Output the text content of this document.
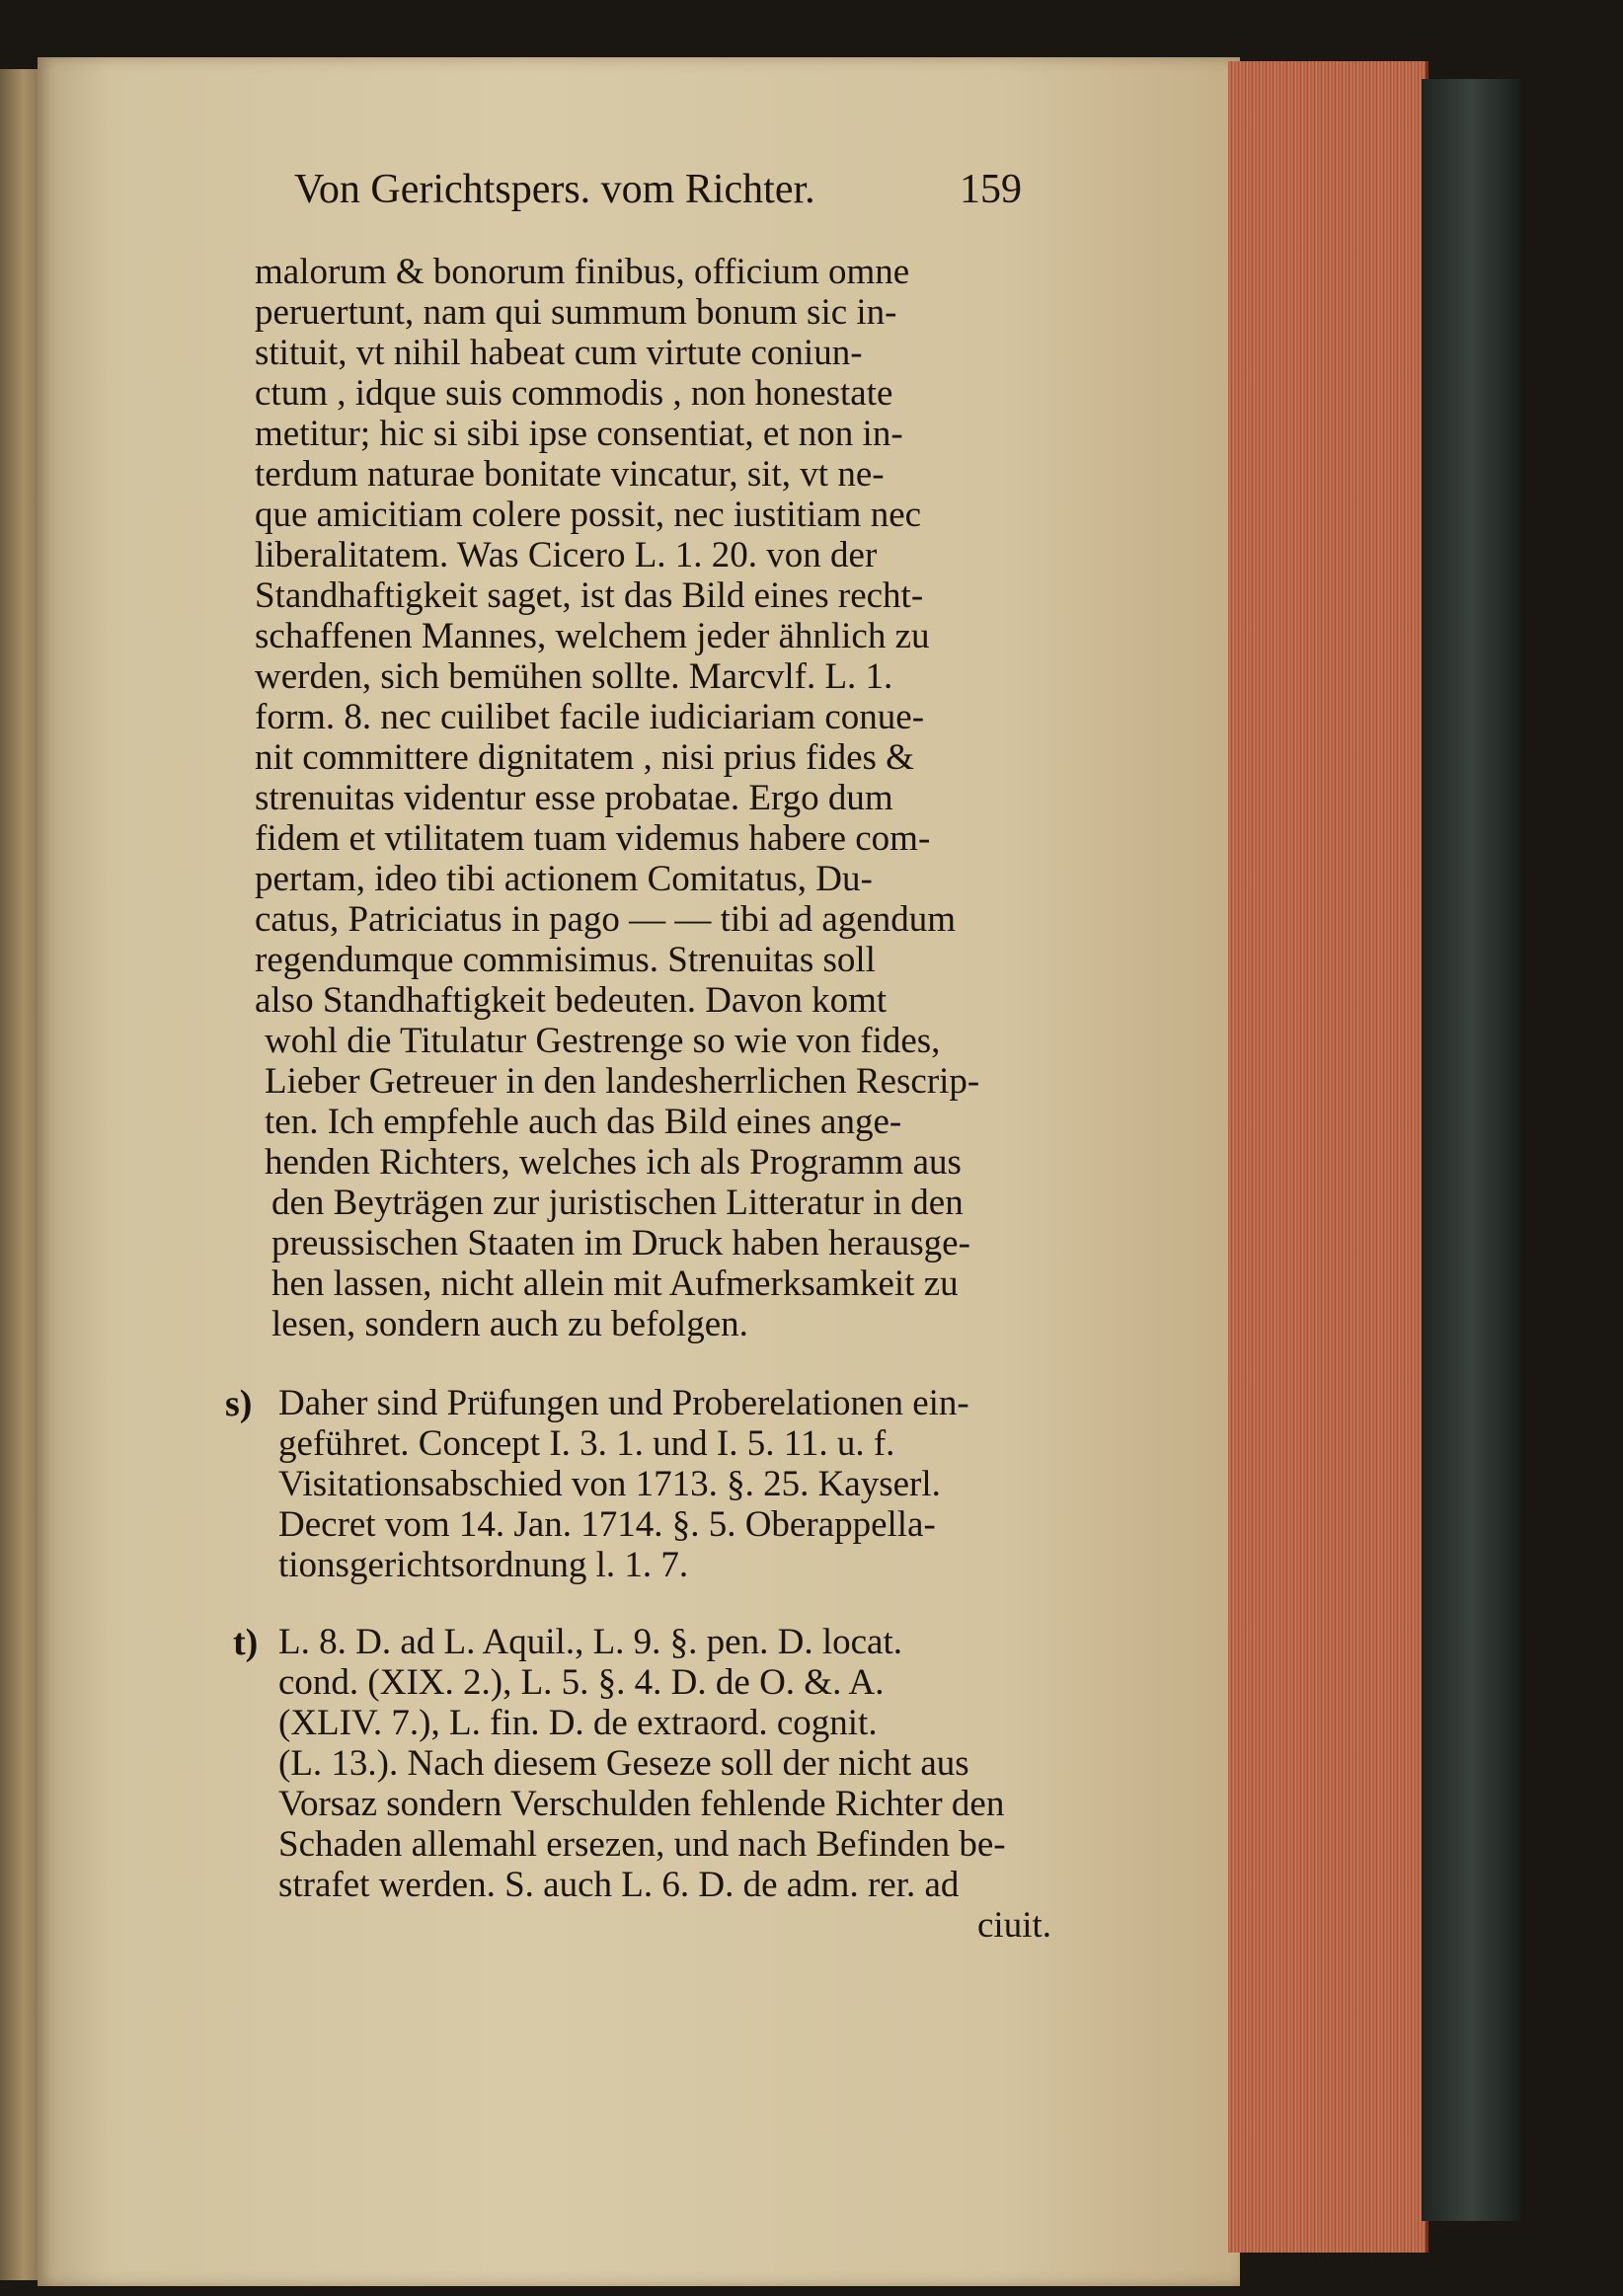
Von Gerichtspers. vom Richter.	159
malorum & bonorum finibus, officium omne
peruertunt, nam qui summum bonum sic in-
stituit, vt nihil habeat cum virtute coniun-
ctum , idque suis commodis , non honestate
metitur; hic si sibi ipse consentiat, et non in-
terdum naturae bonitate vincatur, sit, vt ne-
que amicitiam colere possit, nec iustitiam nec
liberalitatem. Was Cicero L. 1. 20. von der
Standhaftigkeit saget, ist das Bild eines recht-
schaffenen Mannes, welchem jeder ähnlich zu
werden, sich bemühen sollte. Marcvlf. L. 1.
form. 8. nec cuilibet facile iudiciariam conue-
nit committere dignitatem , nisi prius fides &
strenuitas videntur esse probatae. Ergo dum
fidem et vtilitatem tuam videmus habere com-
pertam, ideo tibi actionem Comitatus, Du-
catus, Patriciatus in pago — — tibi ad agendum
regendumque commisimus. Strenuitas soll
also Standhaftigkeit bedeuten. Davon komt
wohl die Titulatur Gestrenge so wie von fides,
Lieber Getreuer in den landesherrlichen Rescrip-
ten. Ich empfehle auch das Bild eines ange-
henden Richters, welches ich als Programm aus
den Beyträgen zur juristischen Litteratur in den
preussischen Staaten im Druck haben herausge-
hen lassen, nicht allein mit Aufmerksamkeit zu
lesen, sondern auch zu befolgen.
s) Daher sind Prüfungen und Proberelationen ein-
geführet. Concept I. 3. 1. und I. 5. 11. u. f.
Visitationsabschied von 1713. §. 25. Kayserl.
Decret vom 14. Jan. 1714. §. 5. Oberappella-
tionsgerichtsordnung l. 1. 7.
t) L. 8. D. ad L. Aquil., L. 9. §. pen. D. locat.
cond. (XIX. 2.), L. 5. §. 4. D. de O. &. A.
(XLIV. 7.), L. fin. D. de extraord. cognit.
(L. 13.). Nach diesem Geseze soll der nicht aus
Vorsaz sondern Verschulden fehlende Richter den
Schaden allemahl ersezen, und nach Befinden be-
strafet werden. S. auch L. 6. D. de adm. rer. ad
ciuit.
